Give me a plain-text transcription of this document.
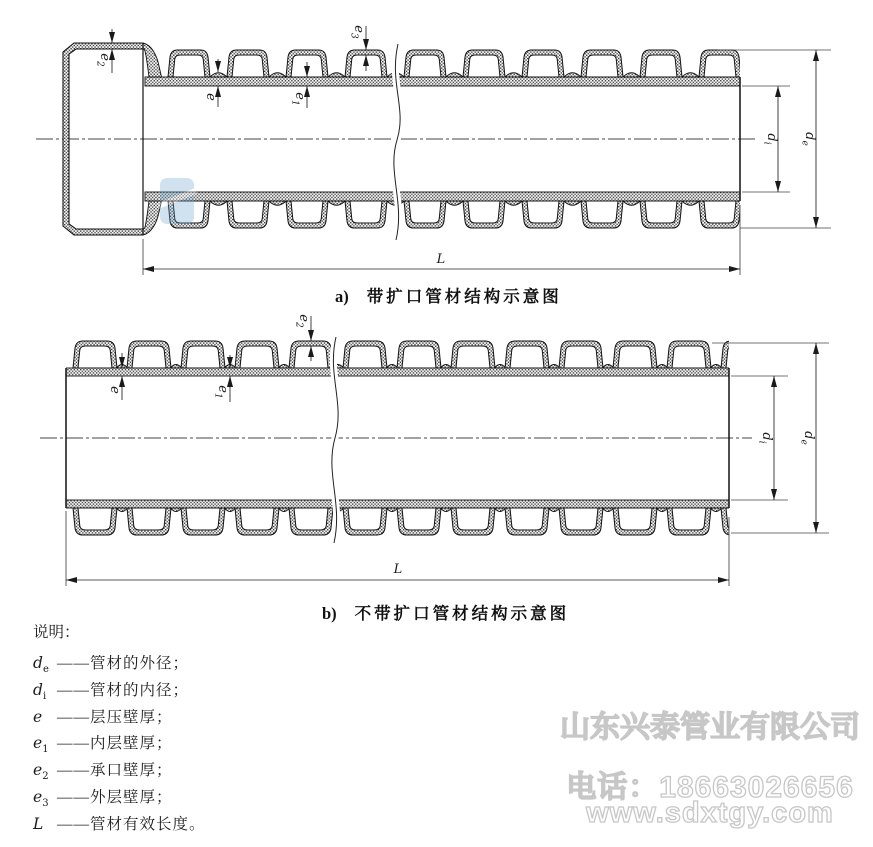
$e_2$
e	$e_1$
$e_3$
$d_i$
$d_e$
L
e	$e_1$
$e_2$
$d_i$
$d_e$
L
a) 带扩口管材结构示意图
b) 不带扩口管材结构示意图
说明：
$d_e$ ——管材的外径；
$d_i$ ——管材的内径；
e ——层压壁厚；
$e_1$ ——内层壁厚；
$e_2$ ——承口壁厚；
$e_3$ ——外层壁厚；
L ——管材有效长度。
山东兴泰管业有限公司
电话：18663026656
www.sdxtgy.com
